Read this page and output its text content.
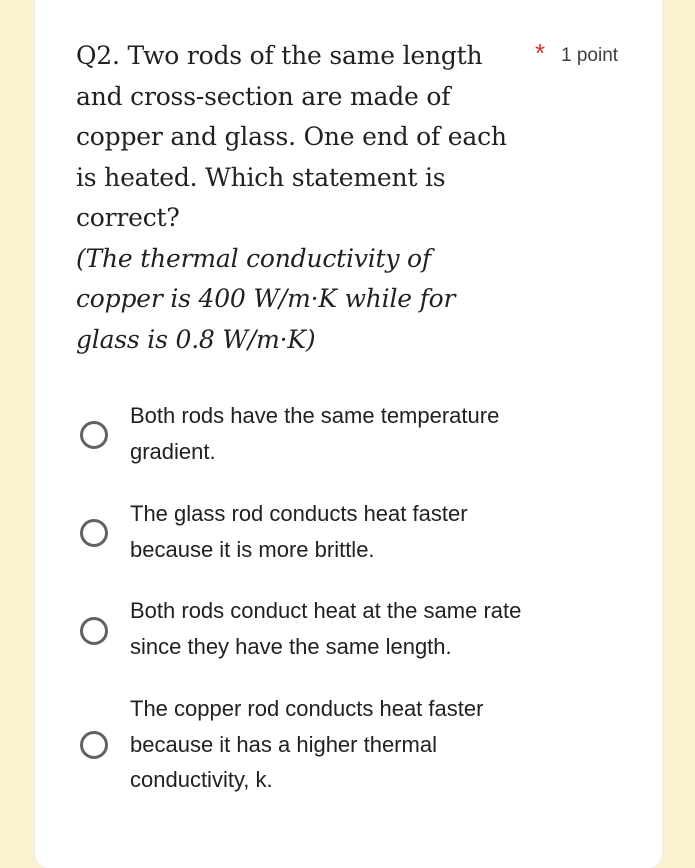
Q2. Two rods of the same length
and cross-section are made of
copper and glass. One end of each
is heated. Which statement is
correct?
(The thermal conductivity of
copper is 400 W/m·K while for
glass is 0.8 W/m·K)
* 1 point
Both rods have the same temperature
gradient.
The glass rod conducts heat faster
because it is more brittle.
Both rods conduct heat at the same rate
since they have the same length.
The copper rod conducts heat faster
because it has a higher thermal
conductivity, k.
